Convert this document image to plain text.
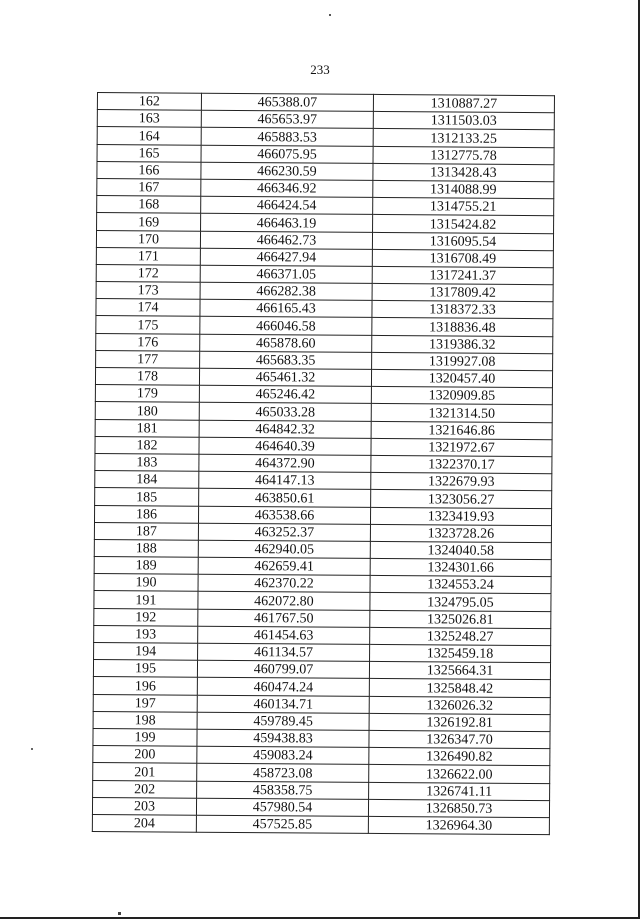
233
162	465388.07	1310887.27
163	465653.97	1311503.03
164	465883.53	1312133.25
165	466075.95	1312775.78
166	466230.59	1313428.43
167	466346.92	1314088.99
168	466424.54	1314755.21
169	466463.19	1315424.82
170	466462.73	1316095.54
171	466427.94	1316708.49
172	466371.05	1317241.37
173	466282.38	1317809.42
174	466165.43	1318372.33
175	466046.58	1318836.48
176	465878.60	1319386.32
177	465683.35	1319927.08
178	465461.32	1320457.40
179	465246.42	1320909.85
180	465033.28	1321314.50
181	464842.32	1321646.86
182	464640.39	1321972.67
183	464372.90	1322370.17
184	464147.13	1322679.93
185	463850.61	1323056.27
186	463538.66	1323419.93
187	463252.37	1323728.26
188	462940.05	1324040.58
189	462659.41	1324301.66
190	462370.22	1324553.24
191	462072.80	1324795.05
192	461767.50	1325026.81
193	461454.63	1325248.27
194	461134.57	1325459.18
195	460799.07	1325664.31
196	460474.24	1325848.42
197	460134.71	1326026.32
198	459789.45	1326192.81
199	459438.83	1326347.70
200	459083.24	1326490.82
201	458723.08	1326622.00
202	458358.75	1326741.11
203	457980.54	1326850.73
204	457525.85	1326964.30
